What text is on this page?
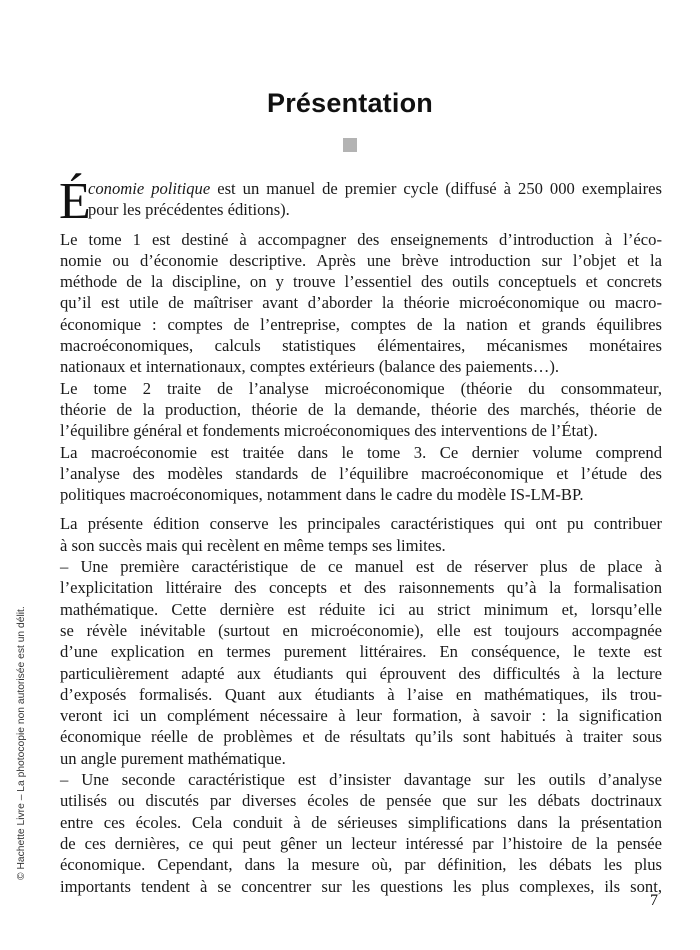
Présentation
É
conomie politique est un manuel de premier cycle (diffusé à 250 000 exemplaires
pour les précédentes éditions).
Le tome 1 est destiné à accompagner des enseignements d’introduction à l’éco-
nomie ou d’économie descriptive. Après une brève introduction sur l’objet et la
méthode de la discipline, on y trouve l’essentiel des outils conceptuels et concrets
qu’il est utile de maîtriser avant d’aborder la théorie microéconomique ou macro-
économique : comptes de l’entreprise, comptes de la nation et grands équilibres
macroéconomiques, calculs statistiques élémentaires, mécanismes monétaires
nationaux et internationaux, comptes extérieurs (balance des paiements…).
Le tome 2 traite de l’analyse microéconomique (théorie du consommateur,
théorie de la production, théorie de la demande, théorie des marchés, théorie de
l’équilibre général et fondements microéconomiques des interventions de l’État).
La macroéconomie est traitée dans le tome 3. Ce dernier volume comprend
l’analyse des modèles standards de l’équilibre macroéconomique et l’étude des
politiques macroéconomiques, notamment dans le cadre du modèle IS-LM-BP.
La présente édition conserve les principales caractéristiques qui ont pu contribuer
à son succès mais qui recèlent en même temps ses limites.
– Une première caractéristique de ce manuel est de réserver plus de place à
l’explicitation littéraire des concepts et des raisonnements qu’à la formalisation
mathématique. Cette dernière est réduite ici au strict minimum et, lorsqu’elle
se révèle inévitable (surtout en microéconomie), elle est toujours accompagnée
d’une explication en termes purement littéraires. En conséquence, le texte est
particulièrement adapté aux étudiants qui éprouvent des difficultés à la lecture
d’exposés formalisés. Quant aux étudiants à l’aise en mathématiques, ils trou-
veront ici un complément nécessaire à leur formation, à savoir : la signification
économique réelle de problèmes et de résultats qu’ils sont habitués à traiter sous
un angle purement mathématique.
– Une seconde caractéristique est d’insister davantage sur les outils d’analyse
utilisés ou discutés par diverses écoles de pensée que sur les débats doctrinaux
entre ces écoles. Cela conduit à de sérieuses simplifications dans la présentation
de ces dernières, ce qui peut gêner un lecteur intéressé par l’histoire de la pensée
économique. Cependant, dans la mesure où, par définition, les débats les plus
importants tendent à se concentrer sur les questions les plus complexes, ils sont,
© Hachette Livre – La photocopie non autorisée est un délit.
7
